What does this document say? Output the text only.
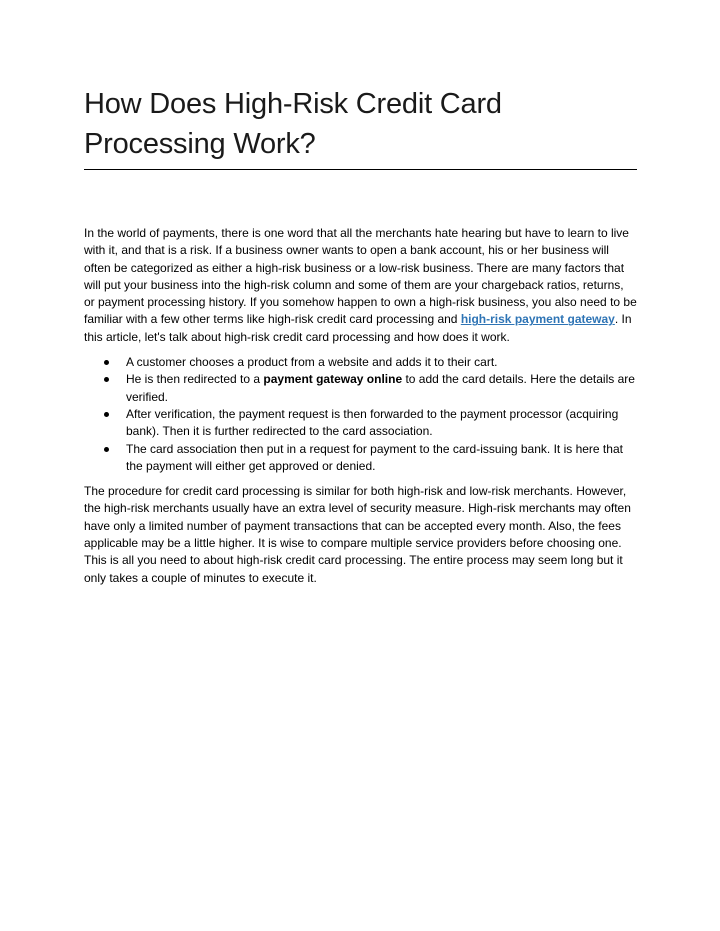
How Does High-Risk Credit Card Processing Work?

In the world of payments, there is one word that all the merchants hate hearing but have to learn to live with it, and that is a risk. If a business owner wants to open a bank account, his or her business will often be categorized as either a high-risk business or a low-risk business. There are many factors that will put your business into the high-risk column and some of them are your chargeback ratios, returns, or payment processing history. If you somehow happen to own a high-risk business, you also need to be familiar with a few other terms like high-risk credit card processing and high-risk payment gateway. In this article, let's talk about high-risk credit card processing and how does it work.

A customer chooses a product from a website and adds it to their cart.
He is then redirected to a payment gateway online to add the card details. Here the details are verified.
After verification, the payment request is then forwarded to the payment processor (acquiring bank). Then it is further redirected to the card association.
The card association then put in a request for payment to the card-issuing bank. It is here that the payment will either get approved or denied.

The procedure for credit card processing is similar for both high-risk and low-risk merchants. However, the high-risk merchants usually have an extra level of security measure. High-risk merchants may often have only a limited number of payment transactions that can be accepted every month. Also, the fees applicable may be a little higher. It is wise to compare multiple service providers before choosing one. This is all you need to about high-risk credit card processing. The entire process may seem long but it only takes a couple of minutes to execute it.
